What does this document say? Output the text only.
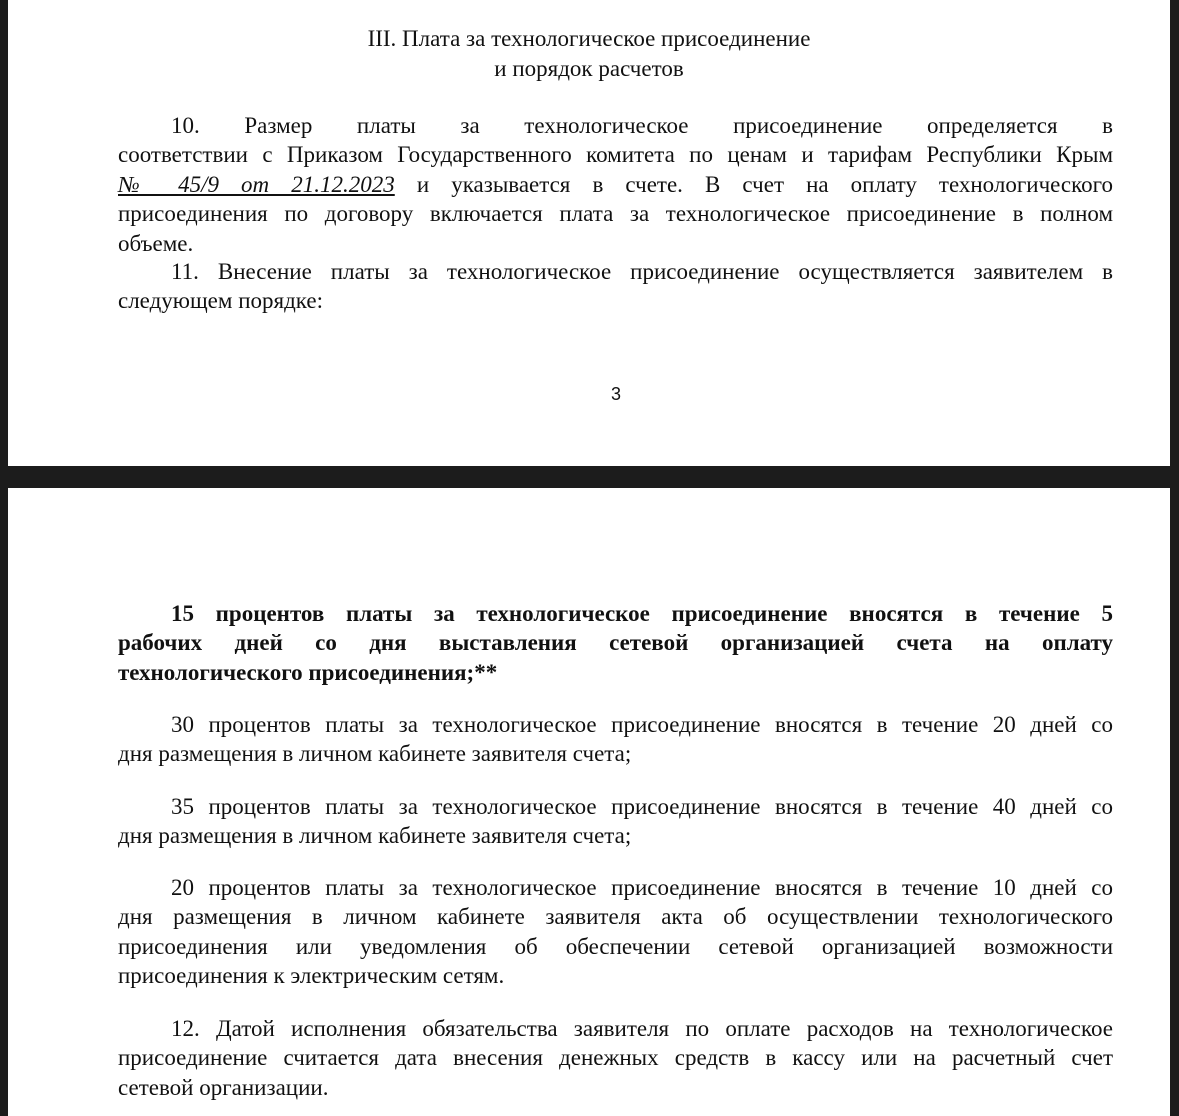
III. Плата за технологическое присоединение
и порядок расчетов
10. Размер платы за технологическое присоединение определяется в
соответствии с Приказом Государственного комитета по ценам и тарифам Республики Крым
№ 45/9 от 21.12.2023 и указывается в счете. В счет на оплату технологического
присоединения по договору включается плата за технологическое присоединение в полном
объеме.
11. Внесение платы за технологическое присоединение осуществляется заявителем в
следующем порядке:
3
15 процентов платы за технологическое присоединение вносятся в течение 5
рабочих дней со дня выставления сетевой организацией счета на оплату
технологического присоединения;**
30 процентов платы за технологическое присоединение вносятся в течение 20 дней со
дня размещения в личном кабинете заявителя счета;
35 процентов платы за технологическое присоединение вносятся в течение 40 дней со
дня размещения в личном кабинете заявителя счета;
20 процентов платы за технологическое присоединение вносятся в течение 10 дней со
дня размещения в личном кабинете заявителя акта об осуществлении технологического
присоединения или уведомления об обеспечении сетевой организацией возможности
присоединения к электрическим сетям.
12. Датой исполнения обязательства заявителя по оплате расходов на технологическое
присоединение считается дата внесения денежных средств в кассу или на расчетный счет
сетевой организации.
